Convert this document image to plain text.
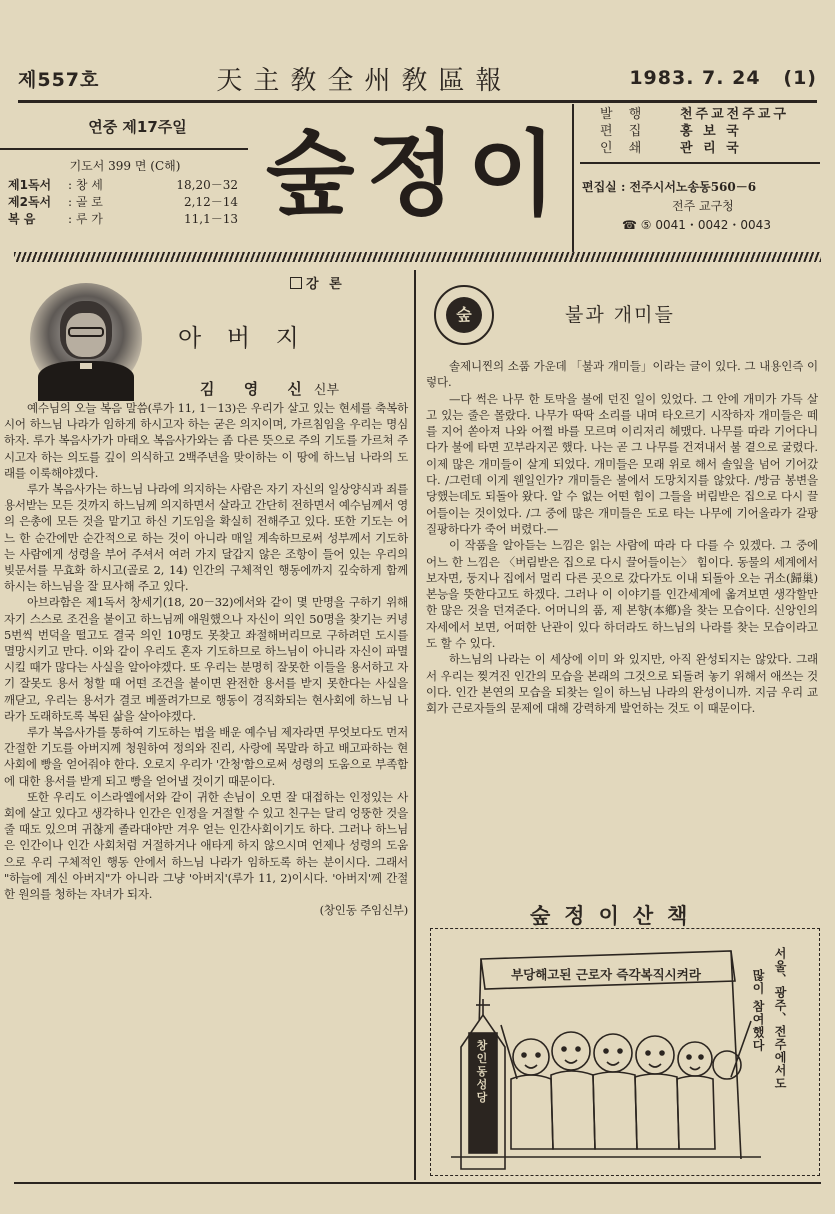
제557호	天主敎全州敎區報	1983. 7. 24 (1)
연중 제17주일
기도서 399 면 (C해)
제1독서	: 창 세	18,20－32
제2독서	: 골 로	2,12－14
복 음	: 루 가	11,1－13 숲정이
발 행	천주교전주교구
편 집	홍 보 국
인 쇄	관 리 국
편집실 : 전주시서노송동560－6
전주 교구청
☎ ⑤ 0041・0042・0043
강 론
아 버 지
김 영 신신부

예수님의 오늘 복음 말씀(루가 11, 1－13)은 우리가 살고 있는 현세를 축복하시어 하느님 나라가 임하게 하시고자 하는 굳은 의지이며, 가르침임을 우리는 명심하자. 루가 복음사가가 마태오 복음사가와는 좀 다른 뜻으로 주의 기도를 가르쳐 주시고자 하는 의도를 깊이 의식하고 2백주년을 맞이하는 이 땅에 하느님 나라의 도래를 이룩해야겠다.

루가 복음사가는 하느님 나라에 의지하는 사람은 자기 자신의 일상양식과 죄를 용서받는 모든 것까지 하느님께 의지하면서 살라고 간단히 전하면서 예수님께서 영의 은총에 모든 것을 맡기고 하신 기도임을 확실히 전해주고 있다. 또한 기도는 어느 한 순간에만 순간적으로 하는 것이 아니라 매일 계속하므로써 성부께서 기도하는 사람에게 성령을 부어 주셔서 여러 가지 달갑지 않은 조항이 들어 있는 우리의 빚문서를 무효화 하시고(골로 2, 14) 인간의 구체적인 행동에까지 깊숙하게 함께 하시는 하느님을 잘 묘사해 주고 있다.

아브라함은 제1독서 창세기(18, 20－32)에서와 같이 몇 만명을 구하기 위해 자기 스스로 조건을 붙이고 하느님께 애원했으나 자신이 의인 50명을 찾기는 커녕 5번씩 번덕을 떨고도 결국 의인 10명도 못찾고 좌절해버리므로 구하려던 도시를 멸망시키고 만다. 이와 같이 우리도 혼자 기도하므로 하느님이 아니라 자신이 파멸시킬 때가 많다는 사실을 알아야겠다. 또 우리는 분명히 잘못한 이들을 용서하고 자기 잘못도 용서 청할 때 어떤 조건을 붙이면 완전한 용서를 받지 못한다는 사실을 깨닫고, 우리는 용서가 결코 베풀려가므로 행동이 경직화되는 현사회에 하느님 나라가 도래하도록 복된 삶을 살아야겠다.

루가 복음사가를 통하여 기도하는 법을 배운 예수님 제자라면 무엇보다도 먼저 간절한 기도를 아버지께 청원하여 정의와 진리, 사랑에 목말라 하고 배고파하는 현 사회에 빵을 얻어줘야 한다. 오로지 우리가 '간청'함으로써 성령의 도움으로 부족함에 대한 용서를 받게 되고 빵을 얻어낼 것이기 때문이다.

또한 우리도 이스라엘에서와 같이 귀한 손님이 오면 잘 대접하는 인정있는 사회에 살고 있다고 생각하나 인간은 인정을 거절할 수 있고 친구는 달리 엉뚱한 것을 줄 때도 있으며 귀찮게 졸라대야만 겨우 얻는 인간사회이기도 하다. 그러나 하느님은 인간이나 인간 사회처럼 거절하거나 애타게 하지 않으시며 언제나 성령의 도움으로 우리 구체적인 행동 안에서 하느님 나라가 임하도록 하는 분이시다. 그래서 "하늘에 계신 아버지"가 아니라 그냥 '아버지'(루가 11, 2)이시다. '아버지'께 간절한 원의를 청하는 자녀가 되자.

(창인동 주임신부)

숲	불과 개미들

솔제니찐의 소품 가운데 「불과 개미들」이라는 글이 있다. 그 내용인즉 이렇다.

—다 썩은 나무 한 토막을 불에 던진 일이 있었다. 그 안에 개미가 가득 살고 있는 줄은 몰랐다. 나무가 딱딱 소리를 내며 타오르기 시작하자 개미들은 떼를 지어 쏟아져 나와 어쩔 바를 모르며 이리저리 헤맸다. 나무를 따라 기어다니다가 불에 타면 꼬부라지곤 했다. 나는 곧 그 나무를 건져내서 불 곁으로 굴렸다. 이제 많은 개미들이 살게 되었다. 개미들은 모래 위로 해서 솔잎을 넘어 기어갔다. /그런데 이게 웬일인가? 개미들은 불에서 도망치지를 않았다. /방금 봉변을 당했는데도 되돌아 왔다. 알 수 없는 어떤 힘이 그들을 버림받은 집으로 다시 끌어들이는 것이었다. /그 중에 많은 개미들은 도로 타는 나무에 기어올라가 갈팡질팡하다가 죽어 버렸다.—

이 작품을 알아듣는 느낌은 읽는 사람에 따라 다 다를 수 있겠다. 그 중에 어느 한 느낌은 〈버림받은 집으로 다시 끌어들이는〉 힘이다. 동물의 세계에서 보자면, 둥지나 집에서 멀리 다른 곳으로 갔다가도 이내 되돌아 오는 귀소(歸巢) 본능을 뜻한다고도 하겠다. 그러나 이 이야기를 인간세계에 옮겨보면 생각할만한 많은 것을 던져준다. 어머니의 품, 제 본향(本鄕)을 찾는 모습이다. 신앙인의 자세에서 보면, 어떠한 난관이 있다 하더라도 하느님의 나라를 찾는 모습이라고도 할 수 있다.

하느님의 나라는 이 세상에 이미 와 있지만, 아직 완성되지는 않았다. 그래서 우리는 찢겨진 인간의 모습을 본래의 그것으로 되돌려 놓기 위해서 애쓰는 것이다. 인간 본연의 모습을 되찾는 일이 하느님 나라의 완성이니까. 지금 우리 교회가 근로자들의 문제에 대해 강력하게 발언하는 것도 이 때문이다.

숲정이산책
부당해고된 근로자 즉각복직시켜라
창인동성당
서울、광주、전주에서도
많이 참여했다
